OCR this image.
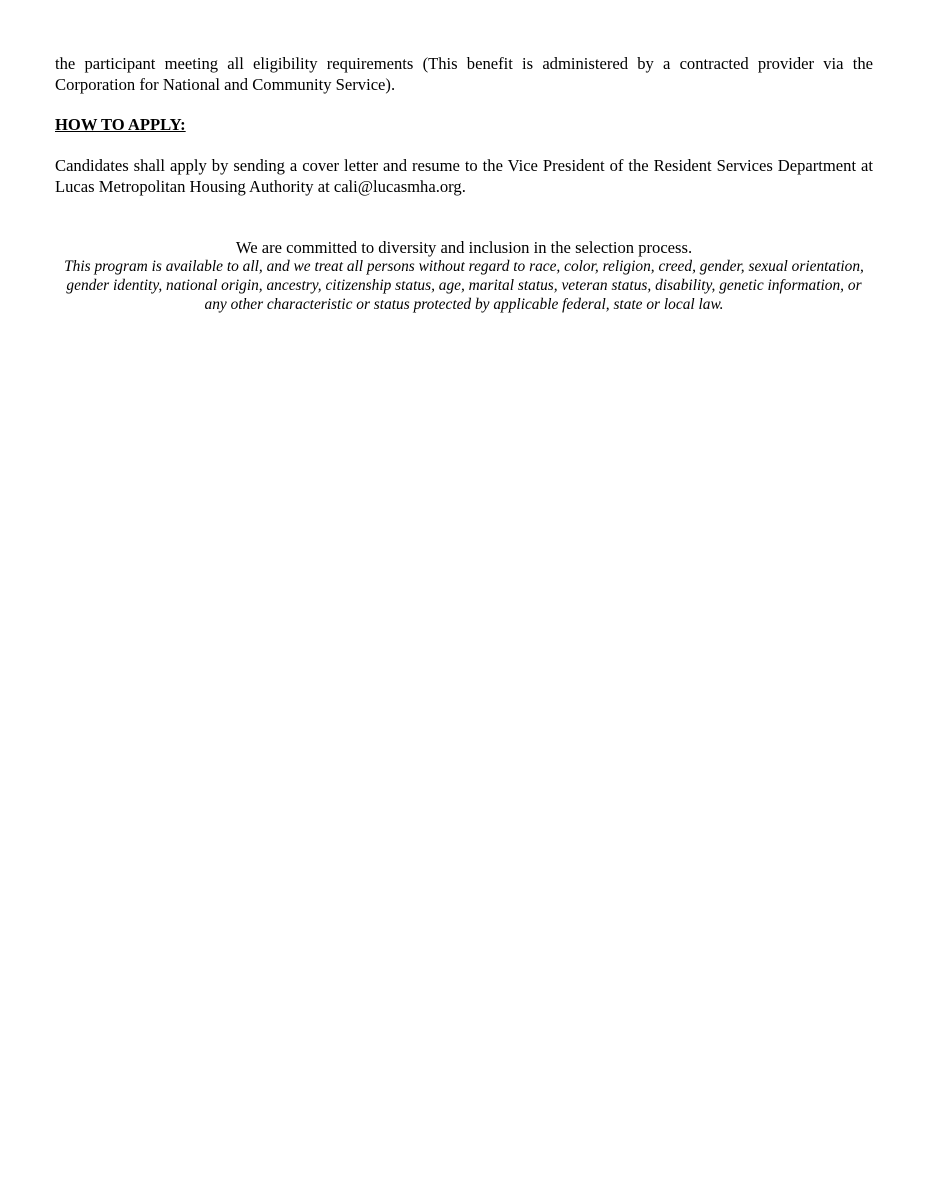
the participant meeting all eligibility requirements (This benefit is administered by a contracted provider via the Corporation for National and Community Service).

HOW TO APPLY:

Candidates shall apply by sending a cover letter and resume to the Vice President of the Resident Services Department at Lucas Metropolitan Housing Authority at cali@lucasmha.org.

We are committed to diversity and inclusion in the selection process.
This program is available to all, and we treat all persons without regard to race, color, religion, creed, gender, sexual orientation, gender identity, national origin, ancestry, citizenship status, age, marital status, veteran status, disability, genetic information, or any other characteristic or status protected by applicable federal, state or local law.
